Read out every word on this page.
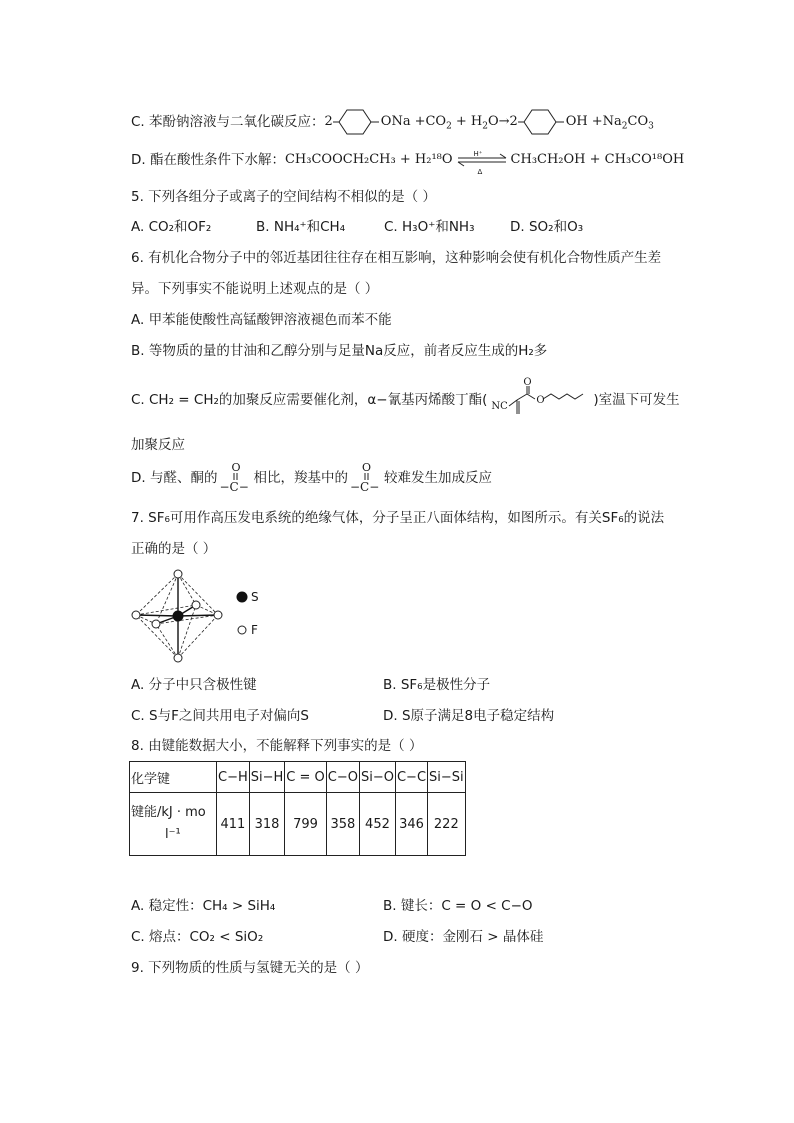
C. 苯酚钠溶液与二氧化碳反应： 2	ONa $+CO_2 + H_2O\to 2$	OH $+Na_2CO_3$
D. 酯在酸性条件下水解： CH₃COOCH₂CH₃ + H₂¹⁸O	H⁺
Δ
CH₃CH₂OH + CH₃CO¹⁸OH
5. 下列各组分子或离子的空间结构不相似的是（ ）
A. CO₂和OF₂	B. NH₄⁺和CH₄	C. H₃O⁺和NH₃	D. SO₂和O₃
6. 有机化合物分子中的邻近基团往往存在相互影响，这种影响会使有机化合物性质产生差
异。下列事实不能说明上述观点的是（ ）
A. 甲苯能使酸性高锰酸钾溶液褪色而苯不能
B. 等物质的量的甘油和乙醇分别与足量Na反应，前者反应生成的H₂多
C. CH₂ = CH₂的加聚反应需要催化剂，α−氰基丙烯酸丁酯( NC
O
O	)室温下可发生
加聚反应
D. 与醛、酮的
O
−C−
相比，羧基中的
O
−C−
较难发生加成反应
7. SF₆可用作高压发电系统的绝缘气体，分子呈正八面体结构，如图所示。有关SF₆的说法
正确的是（ ）
S
F
A. 分子中只含极性键	B. SF₆是极性分子
C. S与F之间共用电子对偏向S	D. S原子满足8电子稳定结构
8. 由键能数据大小，不能解释下列事实的是（ ）
化学键	C−H	Si−H	C = O	C−O	Si−O	C−C	Si−Si

键能/kJ · mo
l⁻¹	411	318	799	358	452	346	222
A. 稳定性：CH₄ > SiH₄	B. 键长：C = O < C−O
C. 熔点：CO₂ < SiO₂	D. 硬度：金刚石 > 晶体硅
9. 下列物质的性质与氢键无关的是（ ）
